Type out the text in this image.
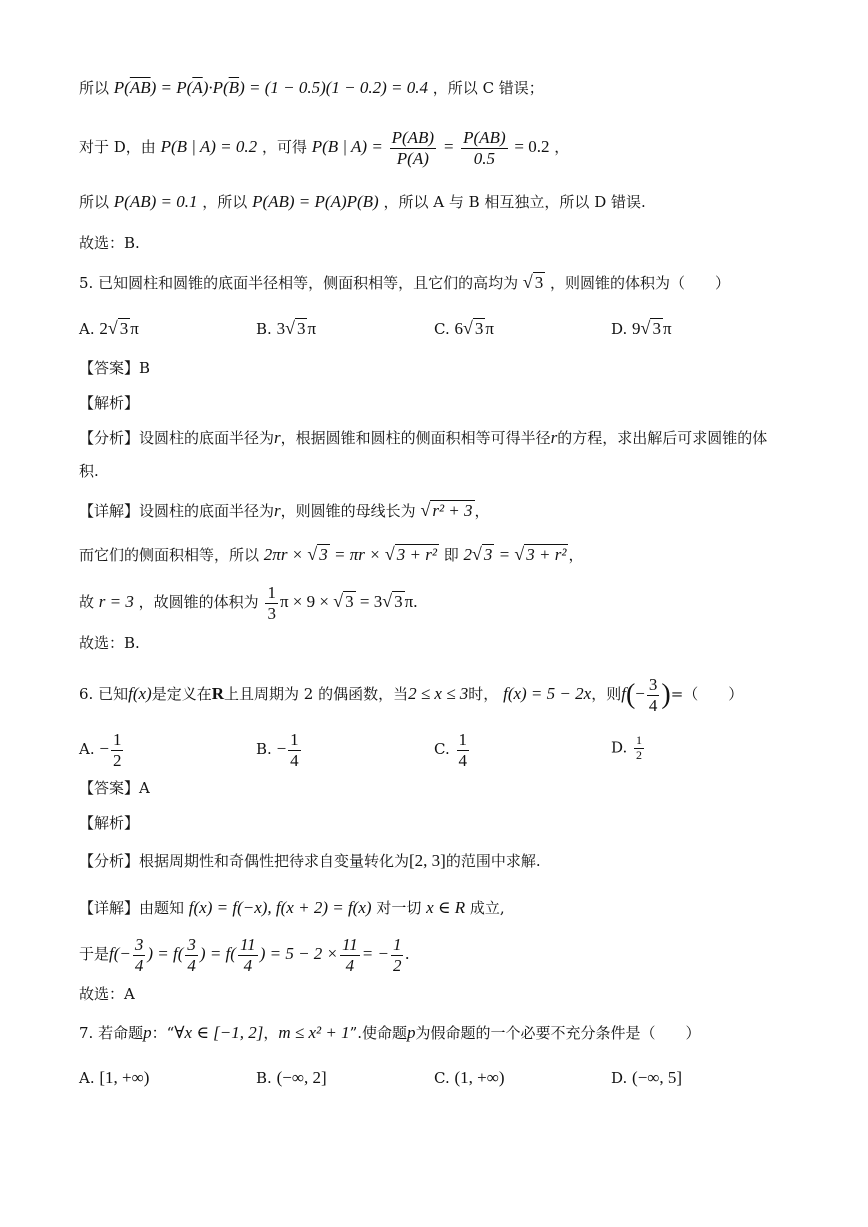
所以 $P(\overline{AB}) = P(\overline{A})\cdot P(\overline{B}) = (1 - 0.5)(1 - 0.2) = 0.4$ ，所以 C 错误；
对于 D，由 P(B | A) = 0.2 ，可得 P(B | $A) = \frac{P(AB)}{P(A)} = \frac{P(AB)}{0.5} = 0.2$ ，
所以 P(AB) = 0.1 ，所以 P(AB) = P(A)P(B) ，所以 A 与 B 相互独立，所以 D 错误.
故选：B.
5. 已知圆柱和圆锥的底面半径相等，侧面积相等，且它们的高均为 √ 3 ，则圆锥的体积为（　　）
A. 2√ 3 π	B. 3√ 3 π	C. 6√ 3 π	D. 9√ 3 π
【答案】B
【解析】
【分析】设圆柱的底面半径为r，根据圆锥和圆柱的侧面积相等可得半径r的方程，求出解后可求圆锥的体
积.
【详解】设圆柱的底面半径为r，则圆锥的母线长为 √ r² + 3 ，
而它们的侧面积相等，所以 2πr × √ 3 = πr × √ 3 + r² 即 2√ 3 = √ 3 + r² ，
故 r = 3 ，故圆锥的体积为 $\frac{1}{3}$ π × 9 × √ 3 = 3√ 3 π.
故选：B.
6. 已知f(x)是定义在R上且周期为 2 的偶函数，当2 ≤ x ≤ 3时， f(x) = 5 − 2x，则$f(- \frac{3}{4}$ )=（　　）
A. − $\frac{1}{2}$	B. − $\frac{1}{4}$	C. $\frac{1}{4}$	D. $\frac{1}{2}$
【答案】A
【解析】
【分析】根据周期性和奇偶性把待求自变量转化为[2, 3]的范围中求解.
【详解】由题知 f(x) = f(−x), f(x + 2) = f(x) 对一切 x ∈ R 成立,
于是$f(- \frac{3}{4}$ ) = $f( \frac{3}{4}$ ) = $f( \frac{11}{4}$ ) = $5 - 2 \times \frac{11}{4}$ = − $\frac{1}{2}$ .
故选：A
7. 若命题p：“∀x ∈ [−1, 2]，m ≤ x² + 1”.使命题p为假命题的一个必要不充分条件是（　　）
A. [1, +∞)	B. (−∞, 2]	C. (1, +∞)	D. (−∞, 5]
